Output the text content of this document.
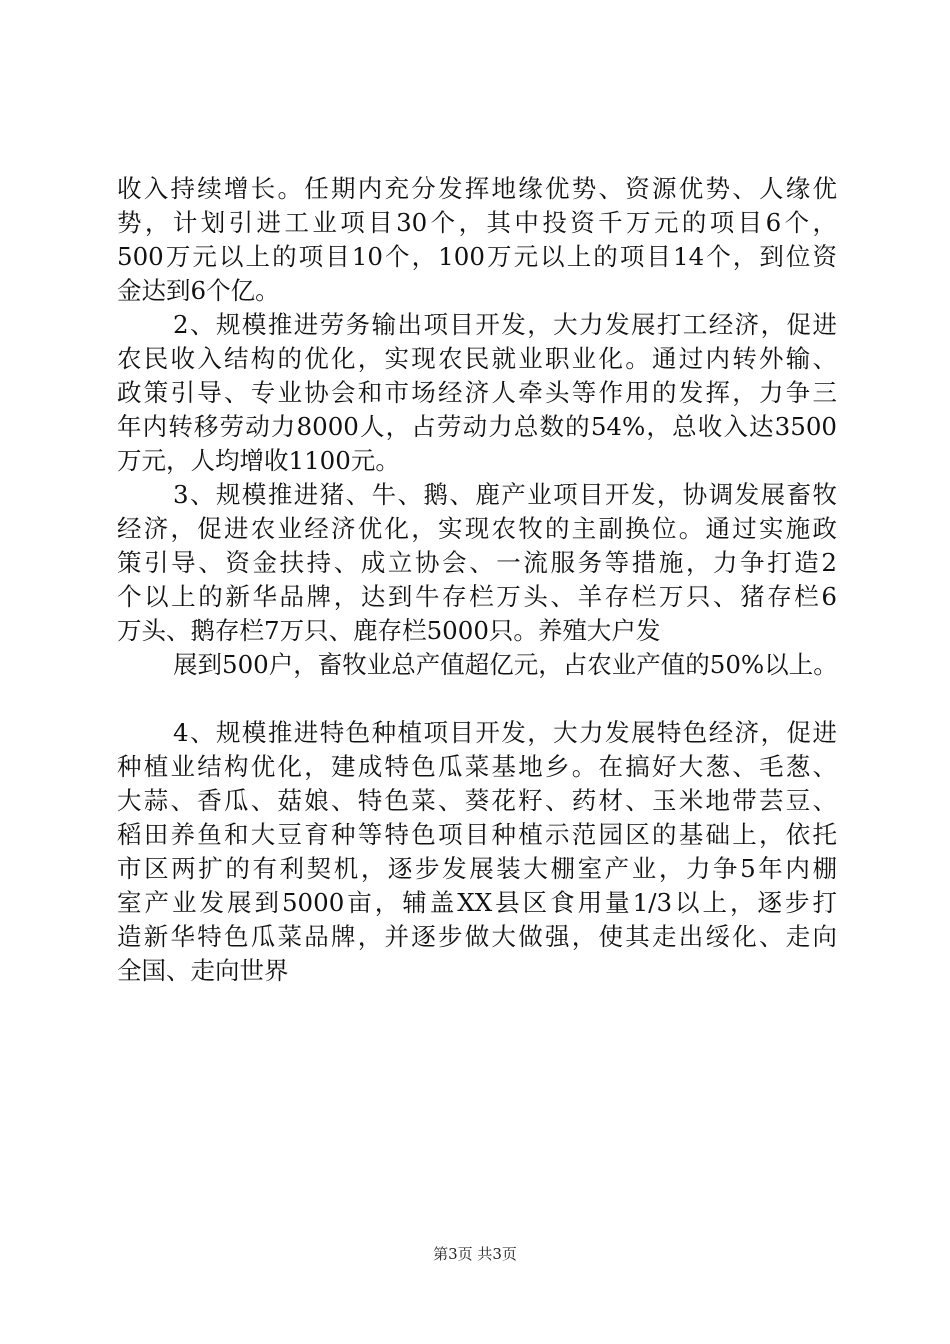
收入持续增长。任期内充分发挥地缘优势、资源优势、人缘优
势，计划引进工业项目30个，其中投资千万元的项目6个，
500万元以上的项目10个，100万元以上的项目14个，到位资
金达到6个亿。
2、规模推进劳务输出项目开发，大力发展打工经济，促进
农民收入结构的优化，实现农民就业职业化。通过内转外输、
政策引导、专业协会和市场经济人牵头等作用的发挥，力争三
年内转移劳动力8000人，占劳动力总数的54%，总收入达3500
万元，人均增收1100元。
3、规模推进猪、牛、鹅、鹿产业项目开发，协调发展畜牧
经济，促进农业经济优化，实现农牧的主副换位。通过实施政
策引导、资金扶持、成立协会、一流服务等措施，力争打造2
个以上的新华品牌，达到牛存栏万头、羊存栏万只、猪存栏6
万头、鹅存栏7万只、鹿存栏5000只。养殖大户发
展到500户，畜牧业总产值超亿元，占农业产值的50%以上。
4、规模推进特色种植项目开发，大力发展特色经济，促进
种植业结构优化，建成特色瓜菜基地乡。在搞好大葱、毛葱、
大蒜、香瓜、菇娘、特色菜、葵花籽、药材、玉米地带芸豆、
稻田养鱼和大豆育种等特色项目种植示范园区的基础上，依托
市区两扩的有利契机，逐步发展装大棚室产业，力争5年内棚
室产业发展到5000亩，辅盖XX县区食用量1/3以上，逐步打
造新华特色瓜菜品牌，并逐步做大做强，使其走出绥化、走向
全国、走向世界
第3页 共3页
